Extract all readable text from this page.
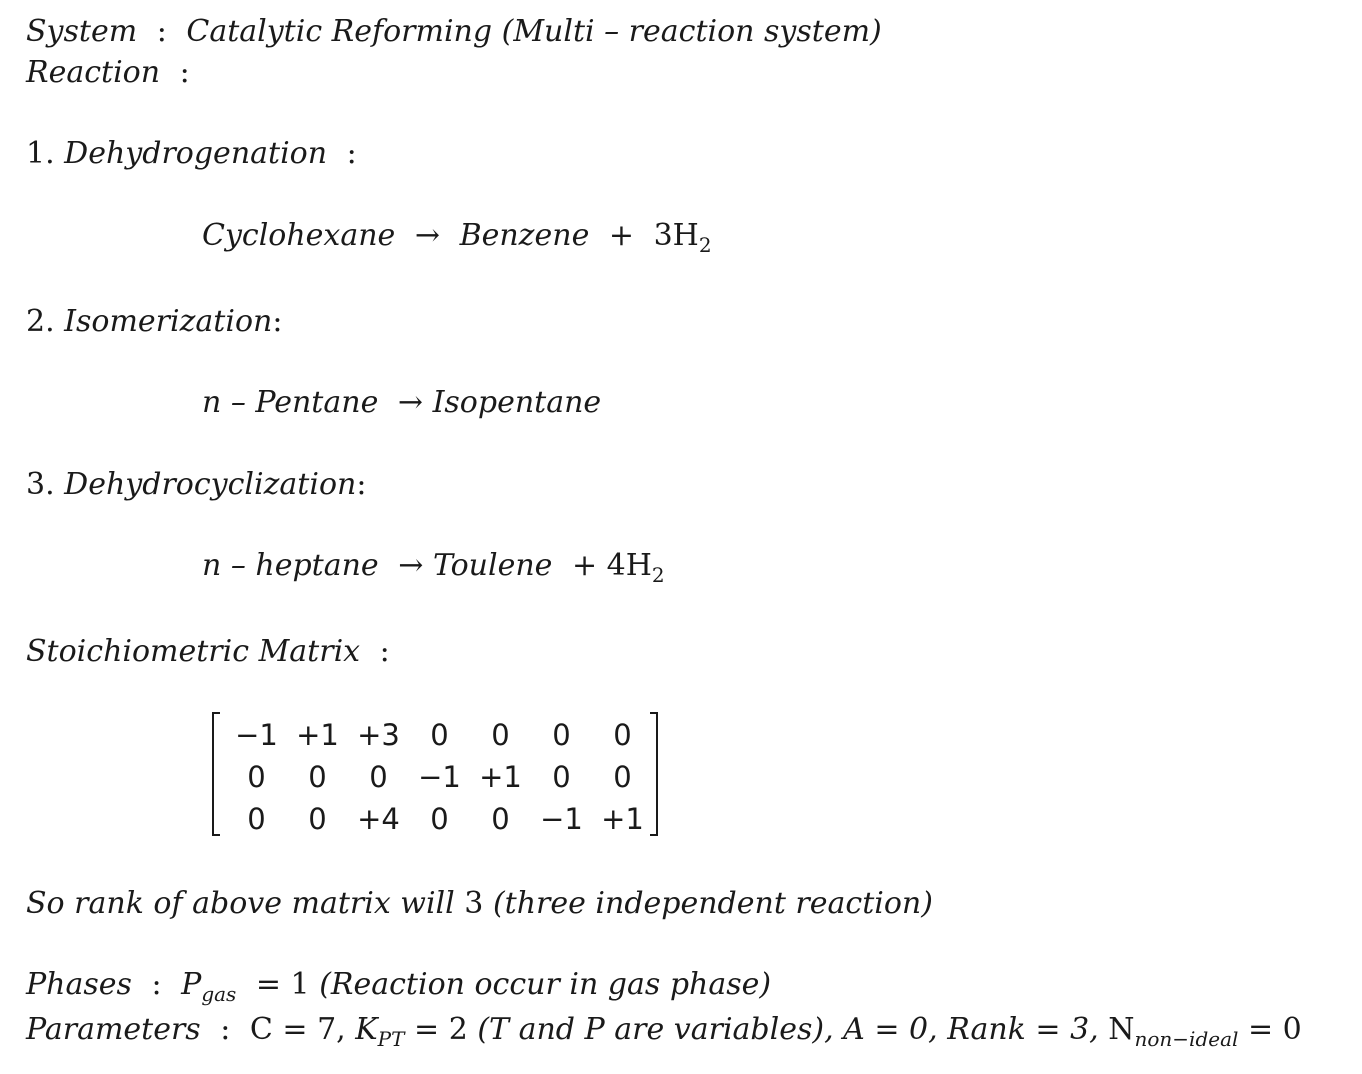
System : Catalytic Reforming (Multi – reaction system)
Reaction :
1. Dehydrogenation :
Cyclohexane → Benzene + $3H_2$
2. Isomerization:
n – Pentane → Isopentane
3. Dehydrocyclization:
n – heptane → Toulene + $4H_2$
Stoichiometric Matrix :
−1	+1	+3	0	0	0	0
0	0	0	−1	+1	0	0
0	0	+4	0	0	−1	+1
So rank of above matrix will 3 (three independent reaction)
Phases : $P_{gas} = 1$ (Reaction occur in gas phase)
Parameters : C = 7, $K_{PT} = 2$ (T and P are variables), A = 0, Rank = 3, $N_{non-ideal} = 0$
